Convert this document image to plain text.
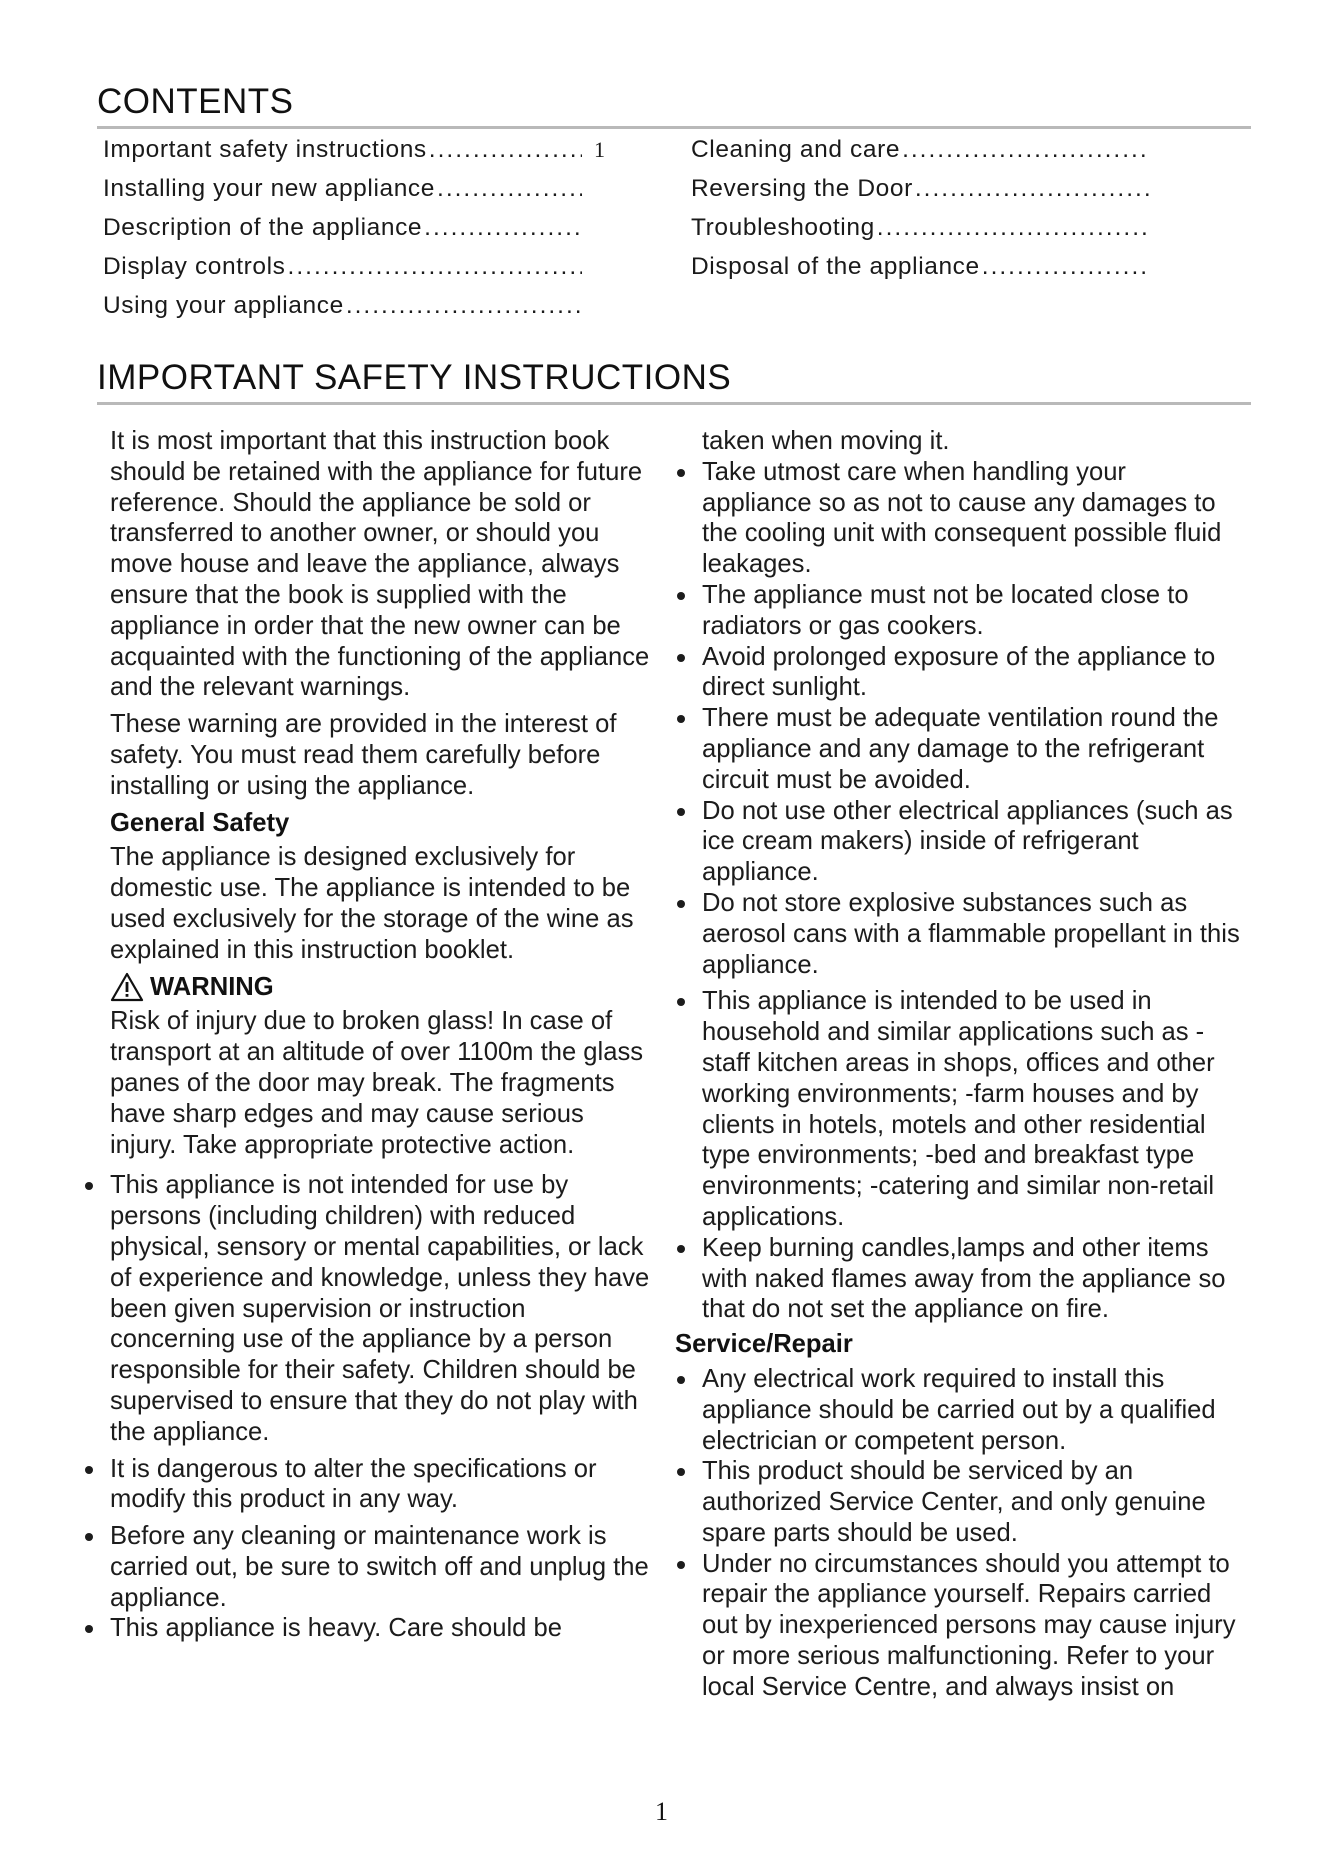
CONTENTS
Important safety instructions
.....	1
Installing your new appliance
.....
Description of the appliance
.....
Display controls
.....
Using your appliance
.....
Cleaning and care
.....
Reversing the Door
.....
Troubleshooting
.....
Disposal of the appliance
.....
IMPORTANT SAFETY INSTRUCTIONS

It is most important that this instruction book should be retained with the appliance for future reference. Should the appliance be sold or transferred to another owner, or should you move house and leave the appliance, always ensure that the book is supplied with the appliance in order that the new owner can be acquainted with the functioning of the appliance and the relevant warnings.

These warning are provided in the interest of safety. You must read them carefully before installing or using the appliance.

General Safety

The appliance is designed exclusively for domestic use. The appliance is intended to be used exclusively for the storage of the wine as explained in this instruction booklet.

WARNING

Risk of injury due to broken glass! In case of transport at an altitude of over 1100m the glass panes of the door may break. The fragments have sharp edges and may cause serious injury. Take appropriate protective action.

This appliance is not intended for use by persons (including children) with reduced physical, sensory or mental capabilities, or lack of experience and knowledge, unless they have been given supervision or instruction concerning use of the appliance by a person responsible for their safety. Children should be supervised to ensure that they do not play with the appliance.
It is dangerous to alter the specifications or modify this product in any way.
Before any cleaning or maintenance work is carried out, be sure to switch off and unplug the appliance.
This appliance is heavy. Care should be

taken when moving it.

Take utmost care when handling your appliance so as not to cause any damages to the cooling unit with consequent possible fluid leakages.
The appliance must not be located close to radiators or gas cookers.
Avoid prolonged exposure of the appliance to direct sunlight.
There must be adequate ventilation round the appliance and any damage to the refrigerant circuit must be avoided.
Do not use other electrical appliances (such as ice cream makers) inside of refrigerant appliance.
Do not store explosive substances such as aerosol cans with a flammable propellant in this appliance.
This appliance is intended to be used in household and similar applications such as -staff kitchen areas in shops, offices and other working environments; -farm houses and by clients in hotels, motels and other residential type environments; -bed and breakfast type environments; -catering and similar non-retail applications.
Keep burning candles,lamps and other items with naked flames away from the appliance so that do not set the appliance on fire.

Service/Repair

Any electrical work required to install this appliance should be carried out by a qualified electrician or competent person.
This product should be serviced by an authorized Service Center, and only genuine spare parts should be used.
Under no circumstances should you attempt to repair the appliance yourself. Repairs carried out by inexperienced persons may cause injury or more serious malfunctioning. Refer to your local Service Centre, and always insist on
1
